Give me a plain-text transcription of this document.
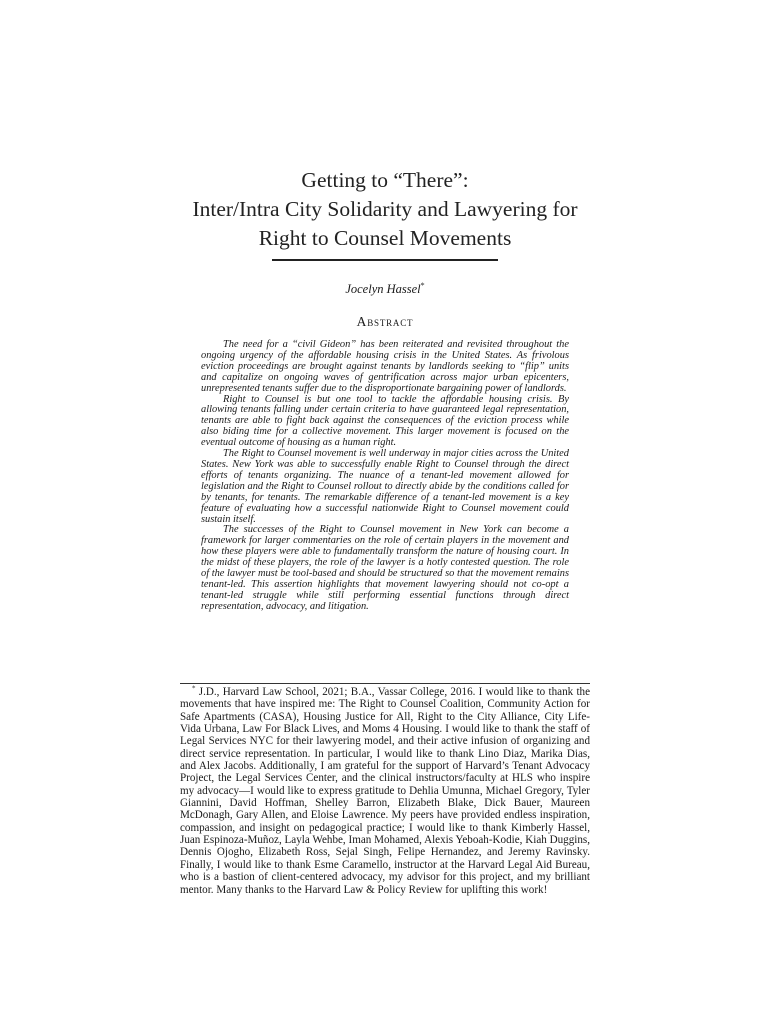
Getting to “There”:
Inter/Intra City Solidarity and Lawyering for
Right to Counsel Movements
Jocelyn Hassel*
Abstract

The need for a “civil Gideon” has been reiterated and revisited throughout the ongoing urgency of the affordable housing crisis in the United States. As frivolous eviction proceedings are brought against tenants by landlords seeking to “flip” units and capitalize on ongoing waves of gentrification across major urban epicenters, unrepresented tenants suffer due to the disproportionate bargaining power of landlords.

Right to Counsel is but one tool to tackle the affordable housing crisis. By allowing tenants falling under certain criteria to have guaranteed legal representation, tenants are able to fight back against the consequences of the eviction process while also biding time for a collective movement. This larger movement is focused on the eventual outcome of housing as a human right.

The Right to Counsel movement is well underway in major cities across the United States. New York was able to successfully enable Right to Counsel through the direct efforts of tenants organizing. The nuance of a tenant-led movement allowed for legislation and the Right to Counsel rollout to directly abide by the conditions called for by tenants, for tenants. The remarkable difference of a tenant-led movement is a key feature of evaluating how a successful nationwide Right to Counsel movement could sustain itself.

The successes of the Right to Counsel movement in New York can become a framework for larger commentaries on the role of certain players in the movement and how these players were able to fundamentally transform the nature of housing court. In the midst of these players, the role of the lawyer is a hotly contested question. The role of the lawyer must be tool-based and should be structured so that the movement remains tenant-led. This assertion highlights that movement lawyering should not co-opt a tenant-led struggle while still performing essential functions through direct representation, advocacy, and litigation.

* J.D., Harvard Law School, 2021; B.A., Vassar College, 2016. I would like to thank the movements that have inspired me: The Right to Counsel Coalition, Community Action for Safe Apartments (CASA), Housing Justice for All, Right to the City Alliance, City Life-Vida Urbana, Law For Black Lives, and Moms 4 Housing. I would like to thank the staff of Legal Services NYC for their lawyering model, and their active infusion of organizing and direct service representation. In particular, I would like to thank Lino Diaz, Marika Dias, and Alex Jacobs. Additionally, I am grateful for the support of Harvard’s Tenant Advocacy Project, the Legal Services Center, and the clinical instructors/faculty at HLS who inspire my advocacy—I would like to express gratitude to Dehlia Umunna, Michael Gregory, Tyler Giannini, David Hoffman, Shelley Barron, Elizabeth Blake, Dick Bauer, Maureen McDonagh, Gary Allen, and Eloise Lawrence. My peers have provided endless inspiration, compassion, and insight on pedagogical practice; I would like to thank Kimberly Hassel, Juan Espinoza-Muñoz, Layla Wehbe, Iman Mohamed, Alexis Yeboah-Kodie, Kiah Duggins, Dennis Ojogho, Elizabeth Ross, Sejal Singh, Felipe Hernandez, and Jeremy Ravinsky. Finally, I would like to thank Esme Caramello, instructor at the Harvard Legal Aid Bureau, who is a bastion of client-centered advocacy, my advisor for this project, and my brilliant mentor. Many thanks to the Harvard Law & Policy Review for uplifting this work!
